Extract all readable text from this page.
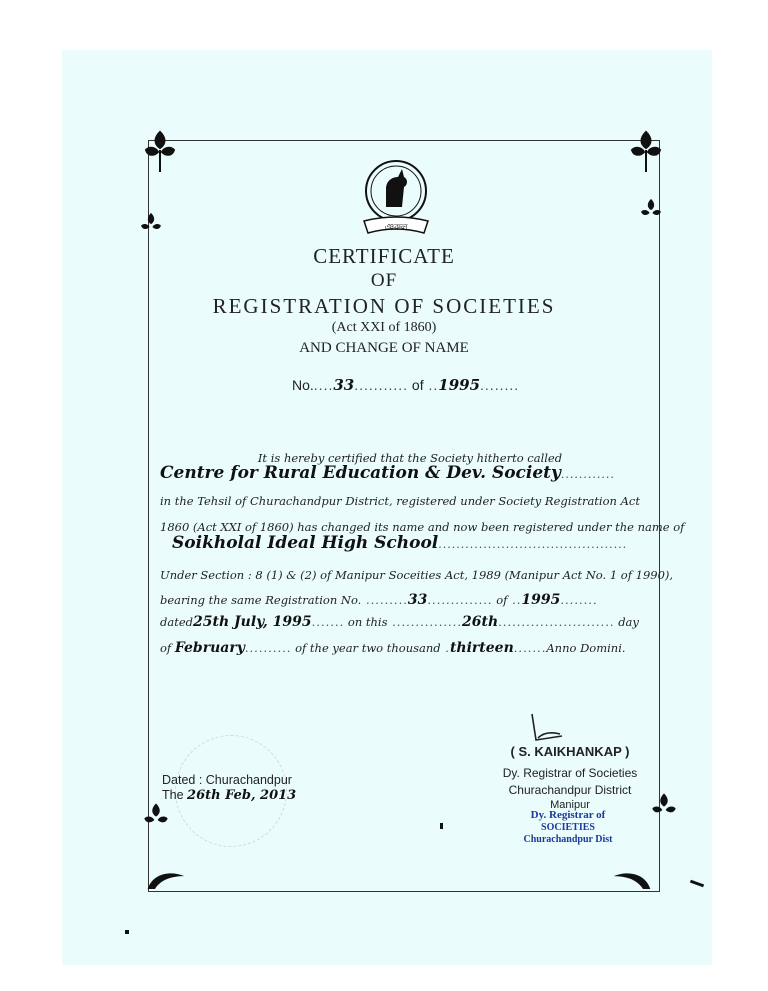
ঞরুল
CERTIFICATE
OF
REGISTRATION OF SOCIETIES
(Act XXI of 1860)
AND CHANGE OF NAME
No.....33........... of ..1995........
It is hereby certified that the Society hitherto called
Centre for Rural Education & Dev. Society............
in the Tehsil of Churachandpur District, registered under Society Registration Act
1860 (Act XXI of 1860) has changed its name and now been registered under the name of
Soikholal Ideal High School..........................................
Under Section : 8 (1) & (2) of Manipur Soceities Act, 1989 (Manipur Act No. 1 of 1990),
bearing the same Registration No. .........33.............. of ..1995........
dated25th July, 1995....... on this ...............26th......................... day
of February.......... of the year two thousand .thirteen.......Anno Domini.
( S. KAIKHANKAP )
Dy. Registrar of Societies
Churachandpur District
Manipur
Dy. Registrar of
SOCIETIES
Churachandpur Dist
Dated : Churachandpur
The 26th Feb, 2013
